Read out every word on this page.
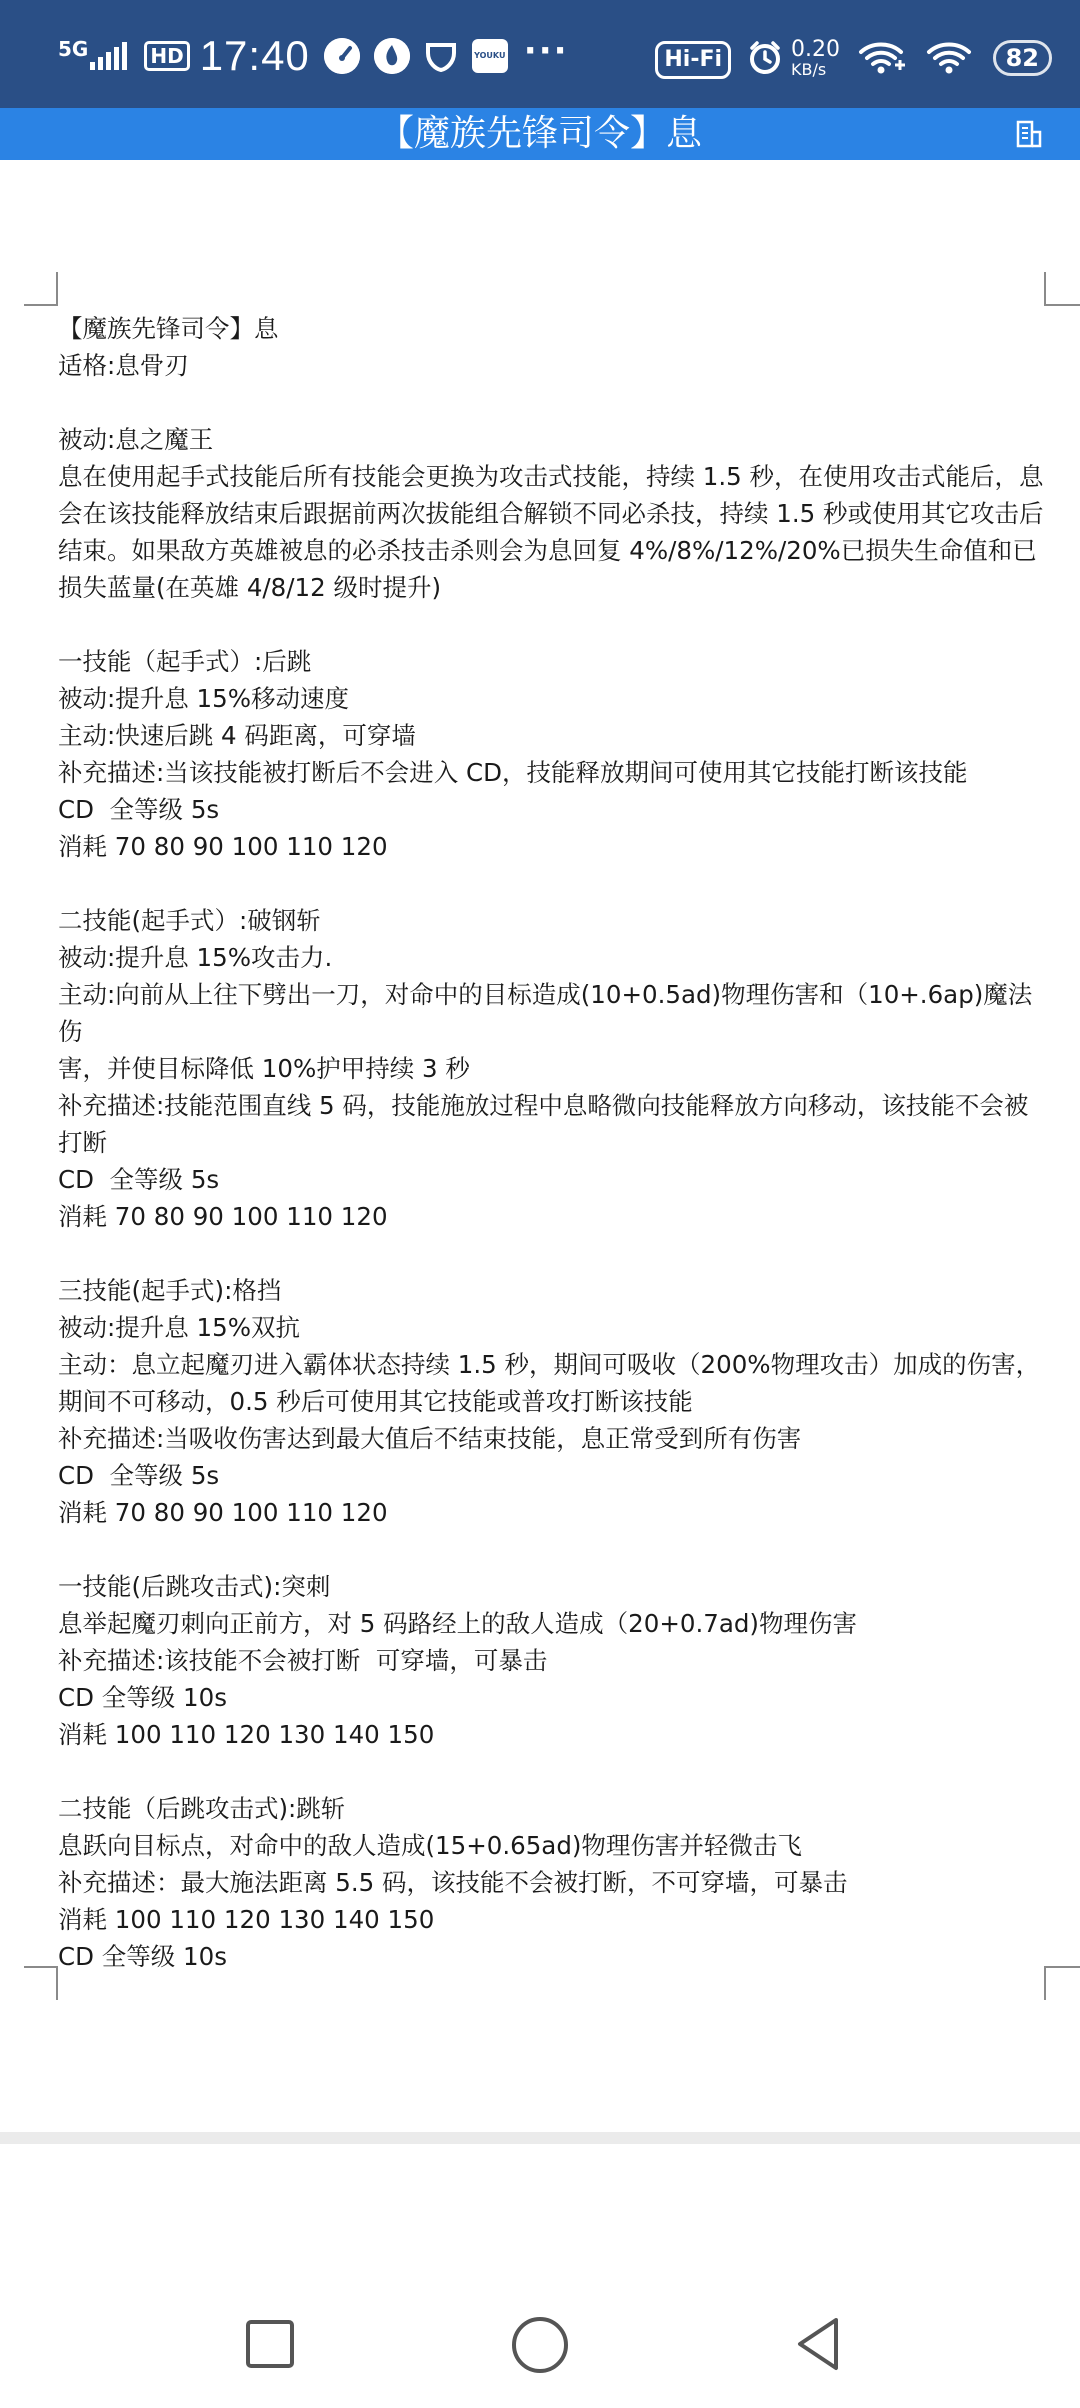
5G	HD 17:40	YOUKU ···	Hi-Fi	0.20
KB/s	82
【魔族先锋司令】息

【魔族先锋司令】息

适格:息骨刃

被动:息之魔王

息在使用起手式技能后所有技能会更换为攻击式技能，持续 1.5 秒，在使用攻击式能后，息

会在该技能释放结束后跟据前两次拔能组合解锁不同必杀技，持续 1.5 秒或使用其它攻击后

结束。如果敌方英雄被息的必杀技击杀则会为息回复 4%/8%/12%/20%已损失生命值和已

损失蓝量(在英雄 4/8/12 级时提升)

一技能（起手式）:后跳

被动:提升息 15%移动速度

主动:快速后跳 4 码距离，可穿墙

补充描述:当该技能被打断后不会进入 CD，技能释放期间可使用其它技能打断该技能

CD  全等级 5s

消耗 70 80 90 100 110 120

二技能(起手式）:破钢斩

被动:提升息 15%攻击力.

主动:向前从上往下劈出一刀，对命中的目标造成(10+0.5ad)物理伤害和（10+.6ap)魔法伤

害，并使目标降低 10%护甲持续 3 秒

补充描述:技能范围直线 5 码，技能施放过程中息略微向技能释放方向移动，该技能不会被

打断

CD  全等级 5s

消耗 70 80 90 100 110 120

三技能(起手式):格挡

被动:提升息 15%双抗

主动：息立起魔刃进入霸体状态持续 1.5 秒，期间可吸收（200%物理攻击）加成的伤害，

期间不可移动，0.5 秒后可使用其它技能或普攻打断该技能

补充描述:当吸收伤害达到最大值后不结束技能，息正常受到所有伤害

CD  全等级 5s

消耗 70 80 90 100 110 120

一技能(后跳攻击式):突刺

息举起魔刃刺向正前方，对 5 码路经上的敌人造成（20+0.7ad)物理伤害

补充描述:该技能不会被打断  可穿墙，可暴击

CD 全等级 10s

消耗 100 110 120 130 140 150

二技能（后跳攻击式):跳斩

息跃向目标点，对命中的敌人造成(15+0.65ad)物理伤害并轻微击飞

补充描述：最大施法距离 5.5 码，该技能不会被打断，不可穿墙，可暴击

消耗 100 110 120 130 140 150

CD 全等级 10s
